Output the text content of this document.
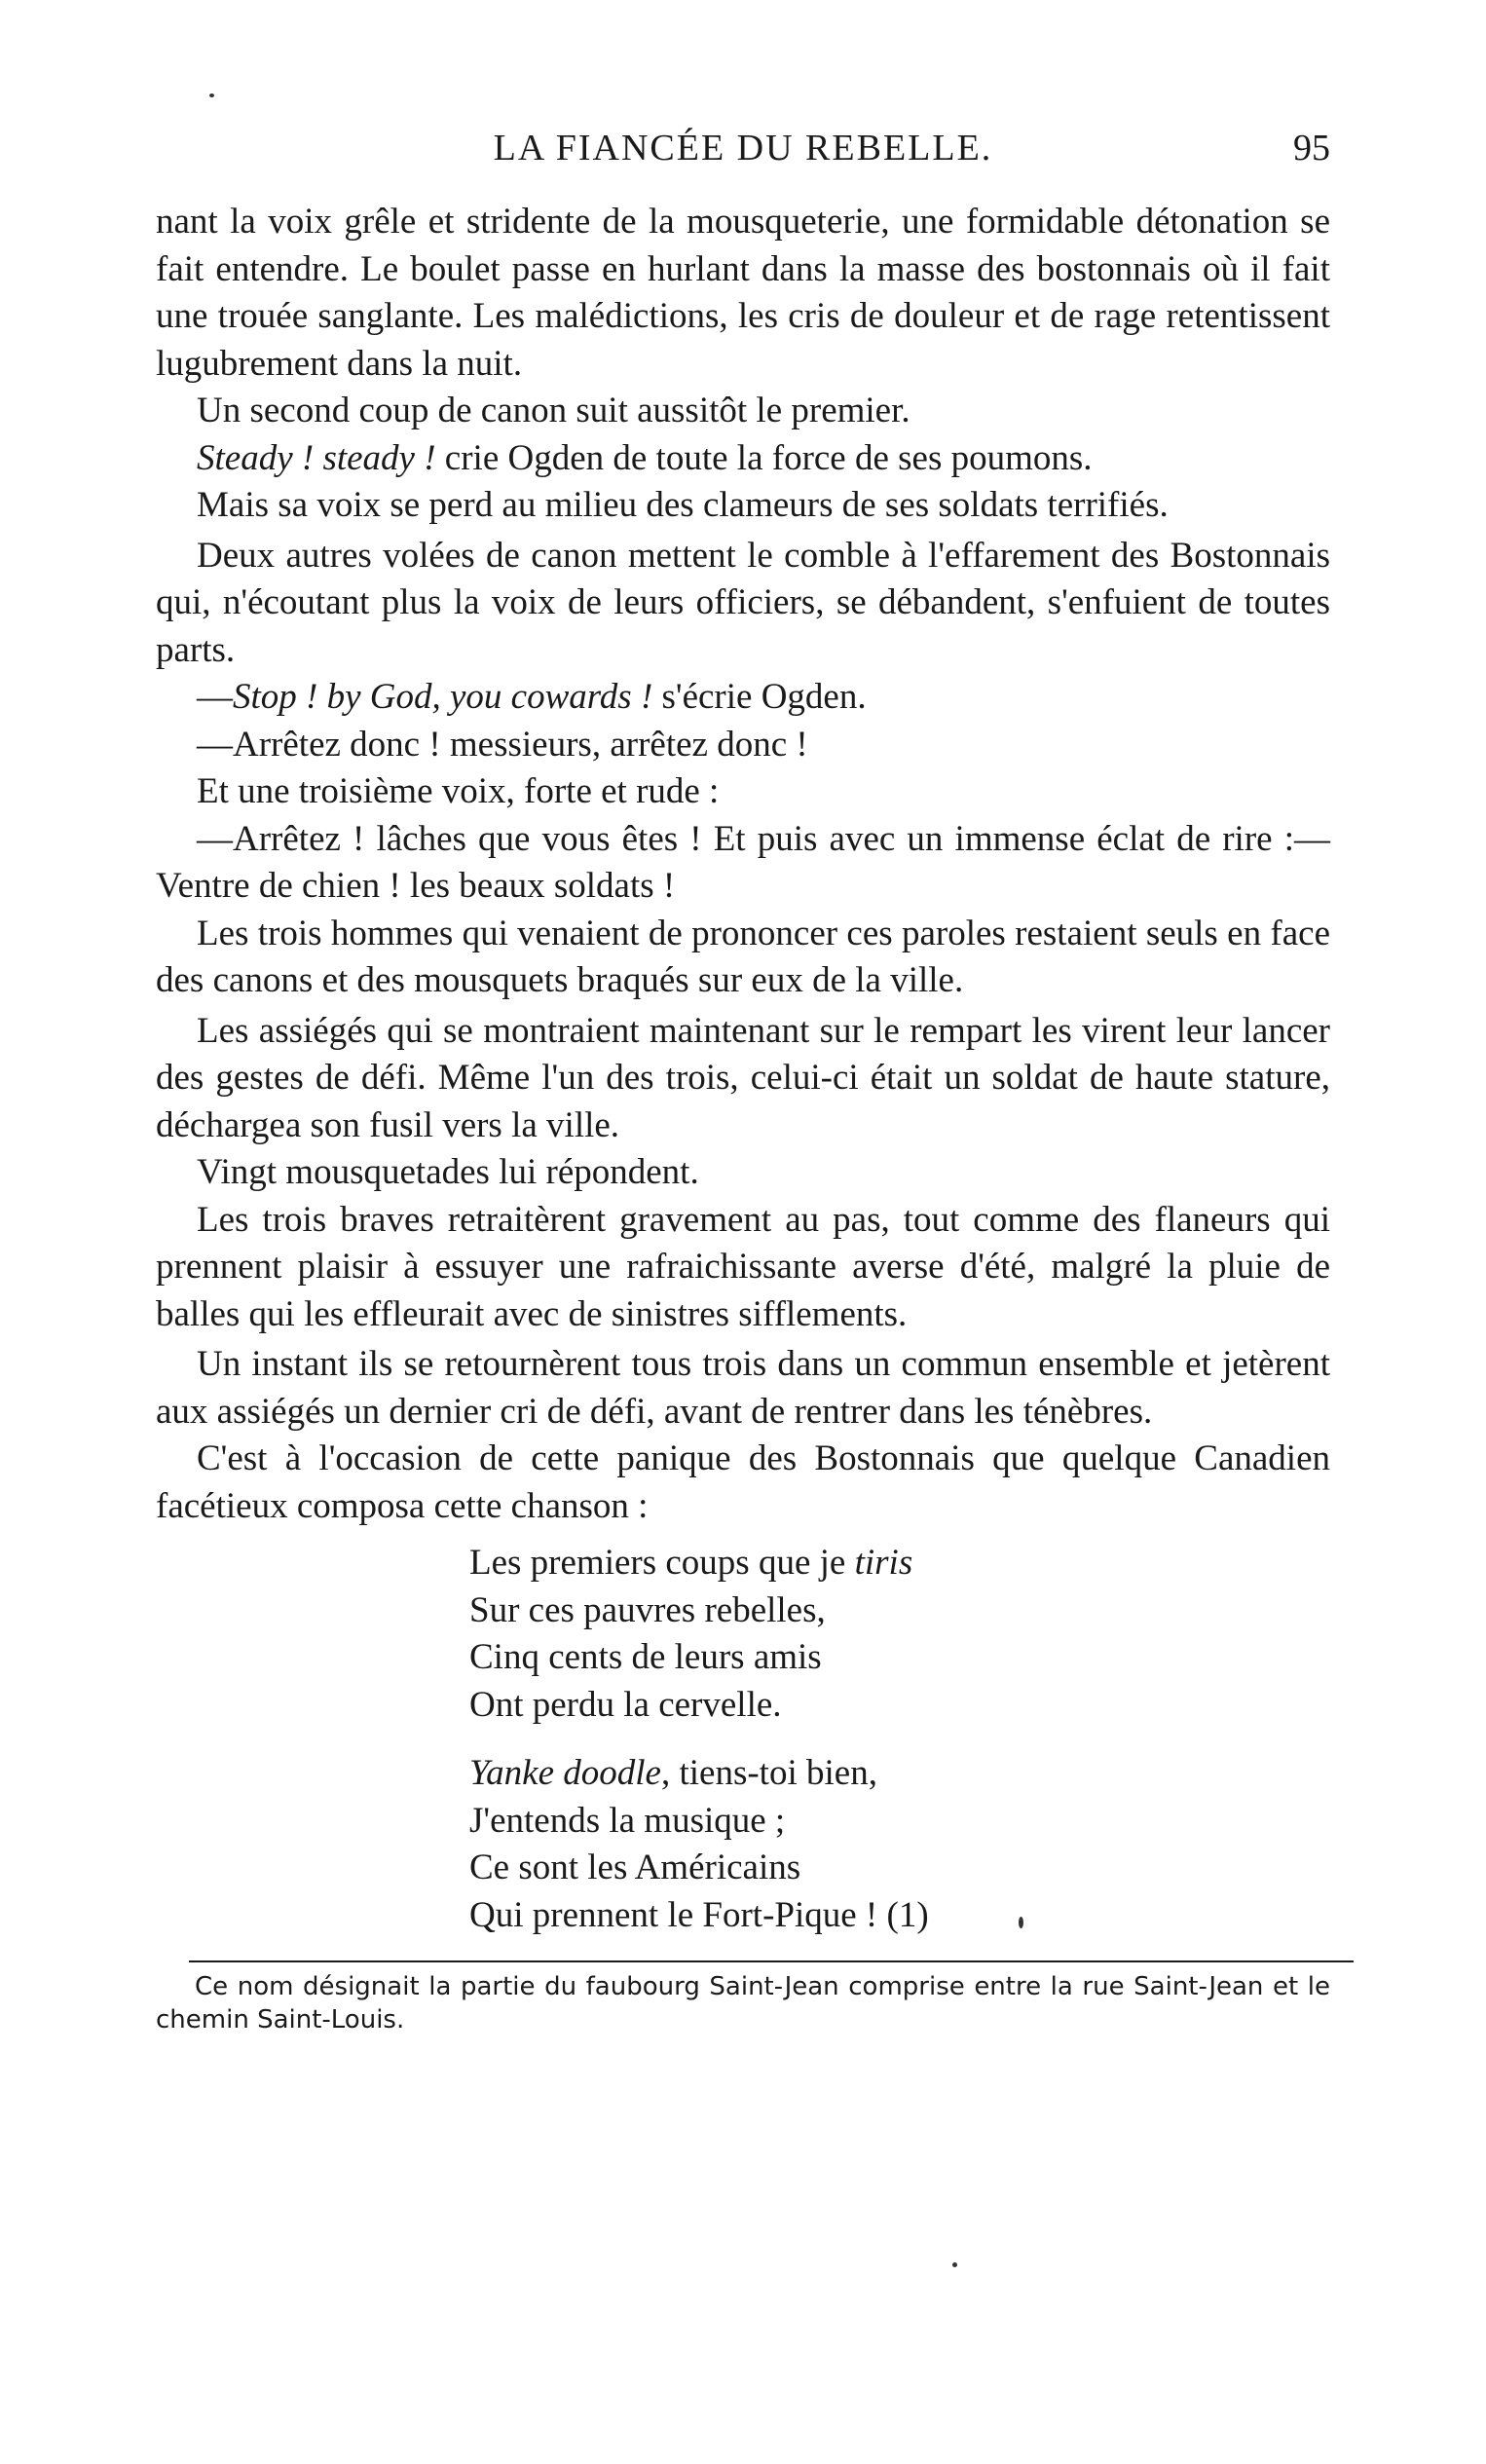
LA FIANCÉE DU REBELLE.	95

nant la voix grêle et stridente de la mousqueterie, une formidable détonation se fait entendre. Le boulet passe en hurlant dans la masse des bostonnais où il fait une trouée sanglante. Les malédictions, les cris de douleur et de rage retentissent lugubrement dans la nuit.

Un second coup de canon suit aussitôt le premier.

Steady ! steady ! crie Ogden de toute la force de ses poumons.

Mais sa voix se perd au milieu des clameurs de ses soldats terrifiés.

Deux autres volées de canon mettent le comble à l'effarement des Bostonnais qui, n'écoutant plus la voix de leurs officiers, se débandent, s'enfuient de toutes parts.

—Stop ! by God, you cowards ! s'écrie Ogden.

—Arrêtez donc ! messieurs, arrêtez donc !

Et une troisième voix, forte et rude :

—Arrêtez ! lâches que vous êtes ! Et puis avec un immense éclat de rire :—Ventre de chien ! les beaux soldats !

Les trois hommes qui venaient de prononcer ces paroles restaient seuls en face des canons et des mousquets braqués sur eux de la ville.

Les assiégés qui se montraient maintenant sur le rempart les virent leur lancer des gestes de défi. Même l'un des trois, celui-ci était un soldat de haute stature, déchargea son fusil vers la ville.

Vingt mousquetades lui répondent.

Les trois braves retraitèrent gravement au pas, tout comme des flaneurs qui prennent plaisir à essuyer une rafraichissante averse d'été, malgré la pluie de balles qui les effleurait avec de sinistres sifflements.

Un instant ils se retournèrent tous trois dans un commun ensemble et jetèrent aux assiégés un dernier cri de défi, avant de rentrer dans les ténèbres.

C'est à l'occasion de cette panique des Bostonnais que quelque Canadien facétieux composa cette chanson :

Les premiers coups que je tiris
Sur ces pauvres rebelles,
Cinq cents de leurs amis
Ont perdu la cervelle.
Yanke doodle, tiens-toi bien,
J'entends la musique ;
Ce sont les Américains
Qui prennent le Fort-Pique ! (1)

Ce nom désignait la partie du faubourg Saint-Jean comprise entre la rue Saint-Jean et le chemin Saint-Louis.
